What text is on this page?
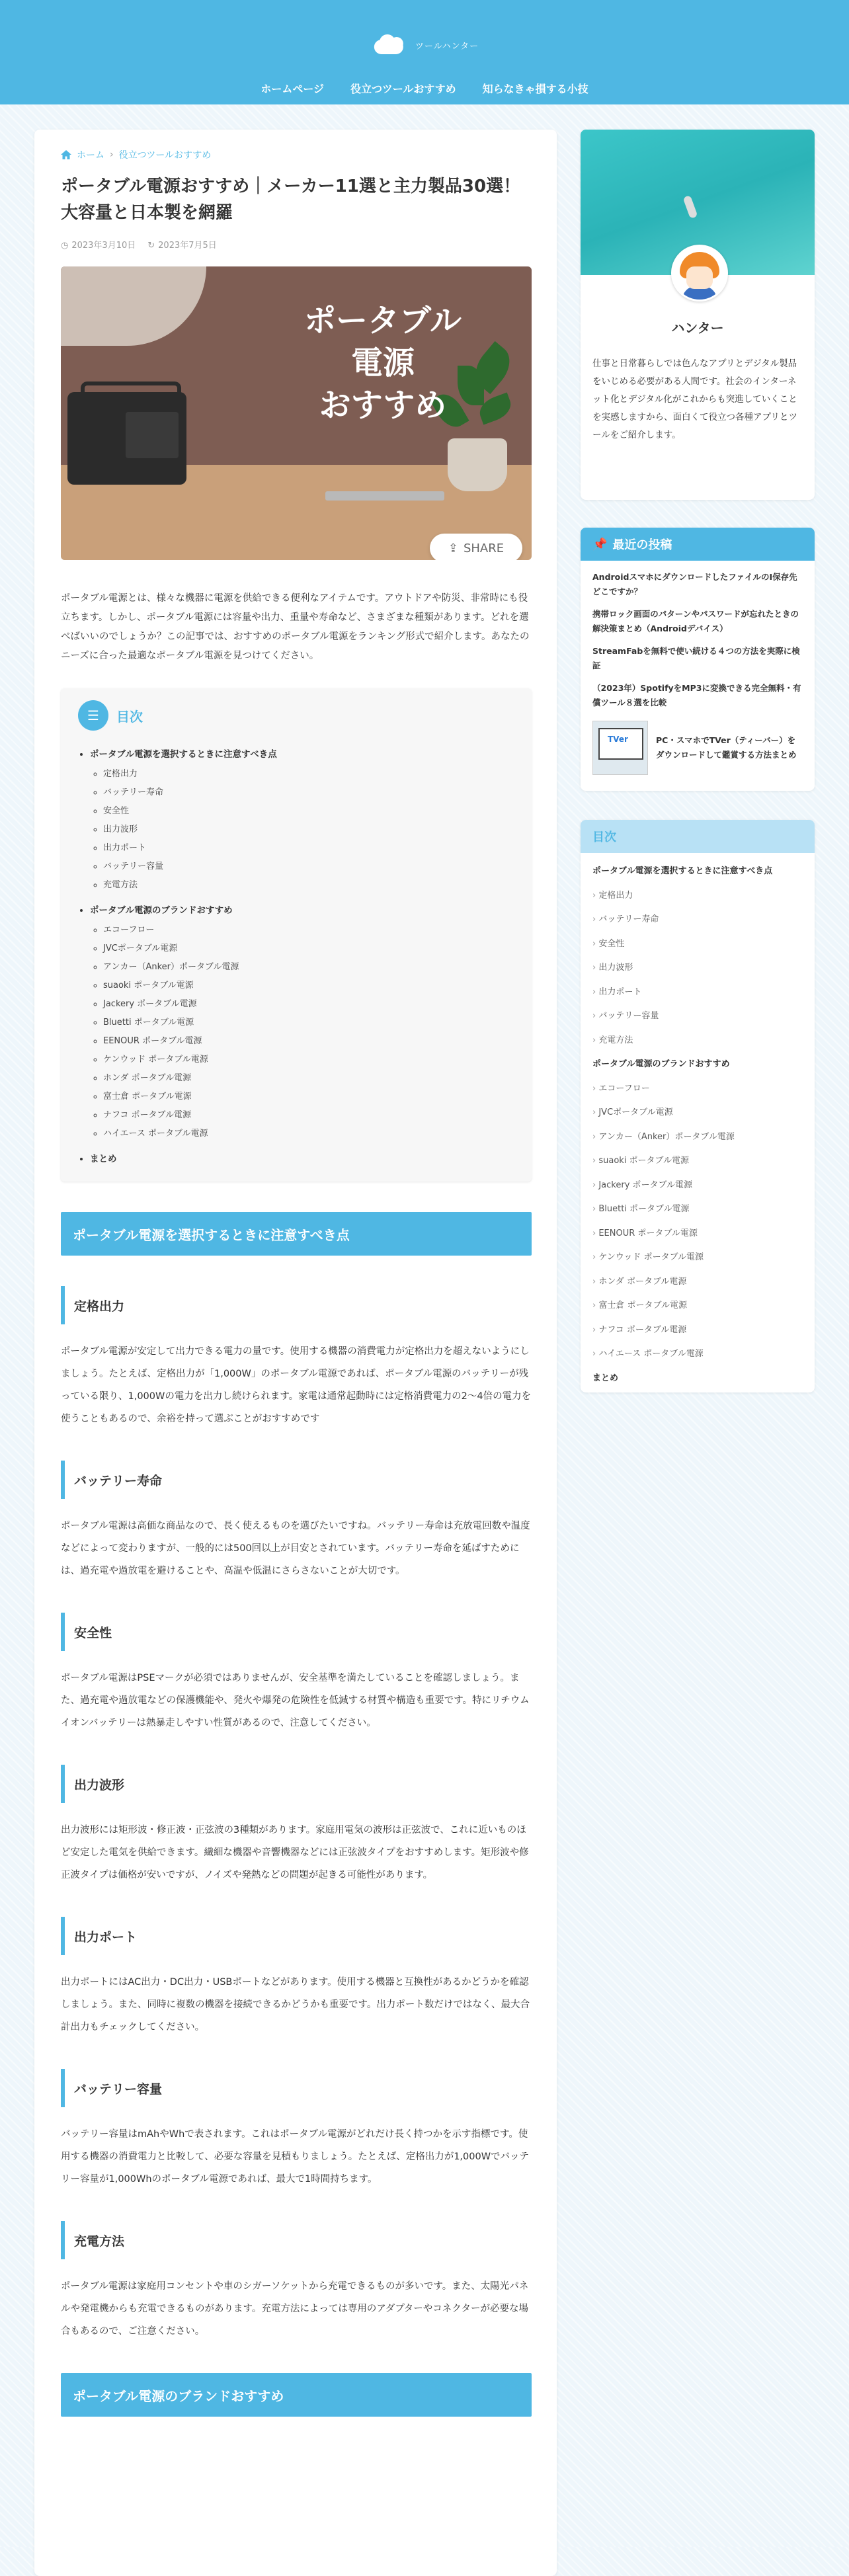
ツールハンター
ホームページ	役立つツールおすすめ	知らなきゃ損する小技
ホーム › 役立つツールおすすめ
ポータブル電源おすすめ｜メーカー11選と主力製品30選！大容量と日本製を網羅
◷ 2023年3月10日 ↻ 2023年7月5日
ポータブル
電源
おすすめ
⇪ SHARE

ポータブル電源とは、様々な機器に電源を供給できる便利なアイテムです。アウトドアや防災、非常時にも役立ちます。しかし、ポータブル電源には容量や出力、重量や寿命など、さまざまな種類があります。どれを選べばいいのでしょうか？この記事では、おすすめのポータブル電源をランキング形式で紹介します。あなたのニーズに合った最適なポータブル電源を見つけてください。

☰	目次
• ポータブル電源を選択するときに注意すべき点
◦ 定格出力
◦ バッテリー寿命
◦ 安全性
◦ 出力波形
◦ 出力ポート
◦ バッテリー容量
◦ 充電方法
• ポータブル電源のブランドおすすめ
◦ エコーフロー
◦ JVCポータブル電源
◦ アンカー（Anker）ポータブル電源
◦ suaoki ポータブル電源
◦ Jackery ポータブル電源
◦ Bluetti ポータブル電源
◦ EENOUR ポータブル電源
◦ ケンウッド ポータブル電源
◦ ホンダ ポータブル電源
◦ 富士倉 ポータブル電源
◦ ナフコ ポータブル電源
◦ ハイエース ポータブル電源
• まとめ
ポータブル電源を選択するときに注意すべき点
定格出力

ポータブル電源が安定して出力できる電力の量です。使用する機器の消費電力が定格出力を超えないようにしましょう。たとえば、定格出力が「1,000W」のポータブル電源であれば、ポータブル電源のバッテリーが残っている限り、1,000Wの電力を出力し続けられます。家電は通常起動時には定格消費電力の2〜4倍の電力を使うこともあるので、余裕を持って選ぶことがおすすめです

バッテリー寿命

ポータブル電源は高価な商品なので、長く使えるものを選びたいですね。バッテリー寿命は充放電回数や温度などによって変わりますが、一般的には500回以上が目安とされています。バッテリー寿命を延ばすためには、過充電や過放電を避けることや、高温や低温にさらさないことが大切です。

安全性

ポータブル電源はPSEマークが必須ではありませんが、安全基準を満たしていることを確認しましょう。また、過充電や過放電などの保護機能や、発火や爆発の危険性を低減する材質や構造も重要です。特にリチウムイオンバッテリーは熱暴走しやすい性質があるので、注意してください。

出力波形

出力波形には矩形波・修正波・正弦波の3種類があります。家庭用電気の波形は正弦波で、これに近いものほど安定した電気を供給できます。繊細な機器や音響機器などには正弦波タイプをおすすめします。矩形波や修正波タイプは価格が安いですが、ノイズや発熱などの問題が起きる可能性があります。

出力ポート

出力ポートにはAC出力・DC出力・USBポートなどがあります。使用する機器と互換性があるかどうかを確認しましょう。また、同時に複数の機器を接続できるかどうかも重要です。出力ポート数だけではなく、最大合計出力もチェックしてください。

バッテリー容量

バッテリー容量はmAhやWhで表されます。これはポータブル電源がどれだけ長く持つかを示す指標です。使用する機器の消費電力と比較して、必要な容量を見積もりましょう。たとえば、定格出力が1,000Wでバッテリー容量が1,000Whのポータブル電源であれば、最大で1時間持ちます。

充電方法

ポータブル電源は家庭用コンセントや車のシガーソケットから充電できるものが多いです。また、太陽光パネルや発電機からも充電できるものがあります。充電方法によっては専用のアダプターやコネクターが必要な場合もあるので、ご注意ください。

ポータブル電源のブランドおすすめ
ハンター

仕事と日常暮らしでは色んなアプリとデジタル製品をいじめる必要がある人間です。社会のインターネット化とデジタル化がこれからも突進していくことを実感しますから、面白くて役立つ各種アプリとツールをご紹介します。

📌 最近の投稿
AndroidスマホにダウンロードしたファイルのI保存先どこですか？
携帯ロック画面のパターンやパスワードが忘れたときの解決策まとめ（Androidデバイス）
StreamFabを無料で使い続ける４つの方法を実際に検証
（2023年）SpotifyをMP3に変換できる完全無料・有償ツール８選を比較
TVer	PC・スマホでTVer（ティーバー）をダウンロードして鑑賞する方法まとめ
目次
ポータブル電源を選択するときに注意すべき点
› 定格出力
› バッテリー寿命
› 安全性
› 出力波形
› 出力ポート
› バッテリー容量
› 充電方法
ポータブル電源のブランドおすすめ
› エコーフロー
› JVCポータブル電源
› アンカー（Anker）ポータブル電源
› suaoki ポータブル電源
› Jackery ポータブル電源
› Bluetti ポータブル電源
› EENOUR ポータブル電源
› ケンウッド ポータブル電源
› ホンダ ポータブル電源
› 富士倉 ポータブル電源
› ナフコ ポータブル電源
› ハイエース ポータブル電源
まとめ
